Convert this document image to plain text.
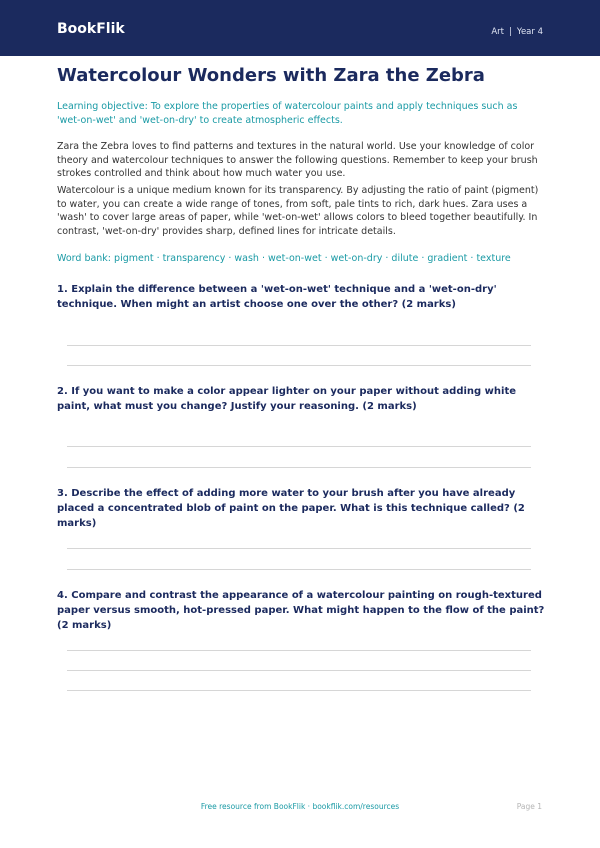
BookFlik	Art | Year 4
Watercolour Wonders with Zara the Zebra

Learning objective: To explore the properties of watercolour paints and apply techniques such as 'wet-on-wet' and 'wet-on-dry' to create atmospheric effects.

Zara the Zebra loves to find patterns and textures in the natural world. Use your knowledge of color theory and watercolour techniques to answer the following questions. Remember to keep your brush strokes controlled and think about how much water you use.

Watercolour is a unique medium known for its transparency. By adjusting the ratio of paint (pigment) to water, you can create a wide range of tones, from soft, pale tints to rich, dark hues. Zara uses a 'wash' to cover large areas of paper, while 'wet-on-wet' allows colors to bleed together beautifully. In contrast, 'wet-on-dry' provides sharp, defined lines for intricate details.

Word bank: pigment · transparency · wash · wet-on-wet · wet-on-dry · dilute · gradient · texture

1. Explain the difference between a 'wet-on-wet' technique and a 'wet-on-dry' technique. When might an artist choose one over the other? (2 marks)

2. If you want to make a color appear lighter on your paper without adding white paint, what must you change? Justify your reasoning. (2 marks)

3. Describe the effect of adding more water to your brush after you have already placed a concentrated blob of paint on the paper. What is this technique called? (2 marks)

4. Compare and contrast the appearance of a watercolour painting on rough-textured paper versus smooth, hot-pressed paper. What might happen to the flow of the paint? (2 marks)

Free resource from BookFlik · bookflik.com/resources	Page 1
